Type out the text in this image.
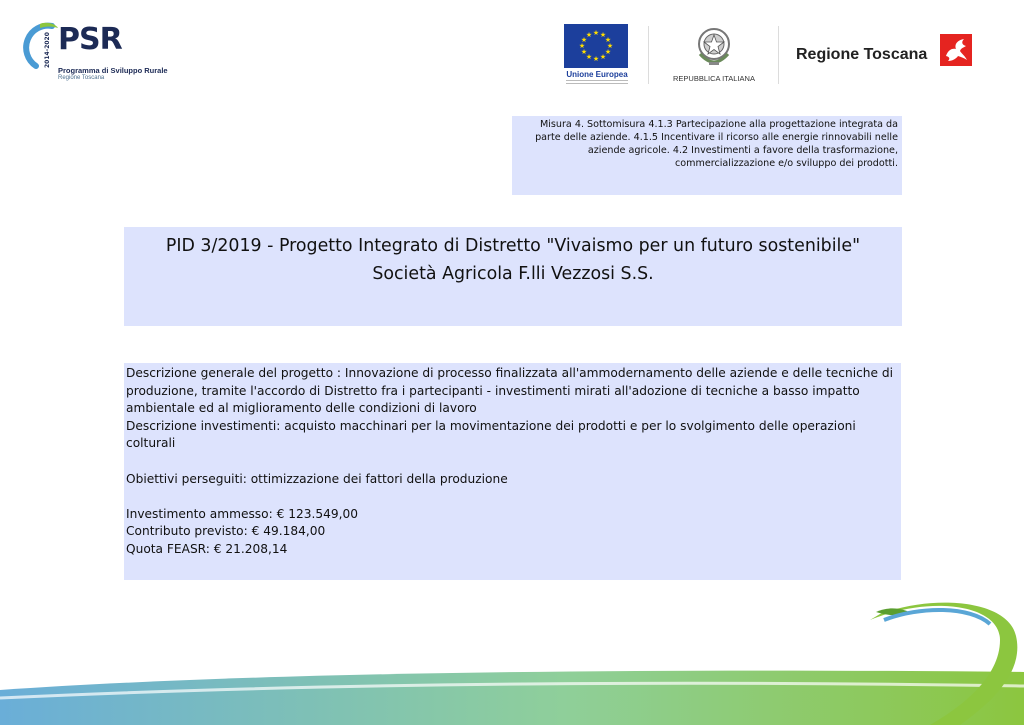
PSR
2014-2020
Programma di Sviluppo Rurale
Regione Toscana
★ ★
★
★
★
★
★
★
★
★
★
★
Unione Europea	REPUBBLICA ITALIANA
Regione Toscana
Misura 4. Sottomisura 4.1.3 Partecipazione alla progettazione integrata da parte delle aziende. 4.1.5 Incentivare il ricorso alle energie rinnovabili nelle aziende agricole. 4.2 Investimenti a favore della trasformazione, commercializzazione e/o sviluppo dei prodotti.
PID 3/2019 - Progetto Integrato di Distretto "Vivaismo per un futuro sostenibile"
Società Agricola F.lli Vezzosi S.S.

Descrizione generale del progetto : Innovazione di processo finalizzata all'ammodernamento delle aziende e delle tecniche di produzione, tramite l'accordo di Distretto fra i partecipanti - investimenti mirati all'adozione di tecniche a basso impatto ambientale ed al miglioramento delle condizioni di lavoro

Descrizione investimenti: acquisto macchinari per la movimentazione dei prodotti e per lo svolgimento delle operazioni colturali

Obiettivi perseguiti: ottimizzazione dei fattori della produzione

Investimento ammesso: € 123.549,00

Contributo previsto: € 49.184,00

Quota FEASR: € 21.208,14
